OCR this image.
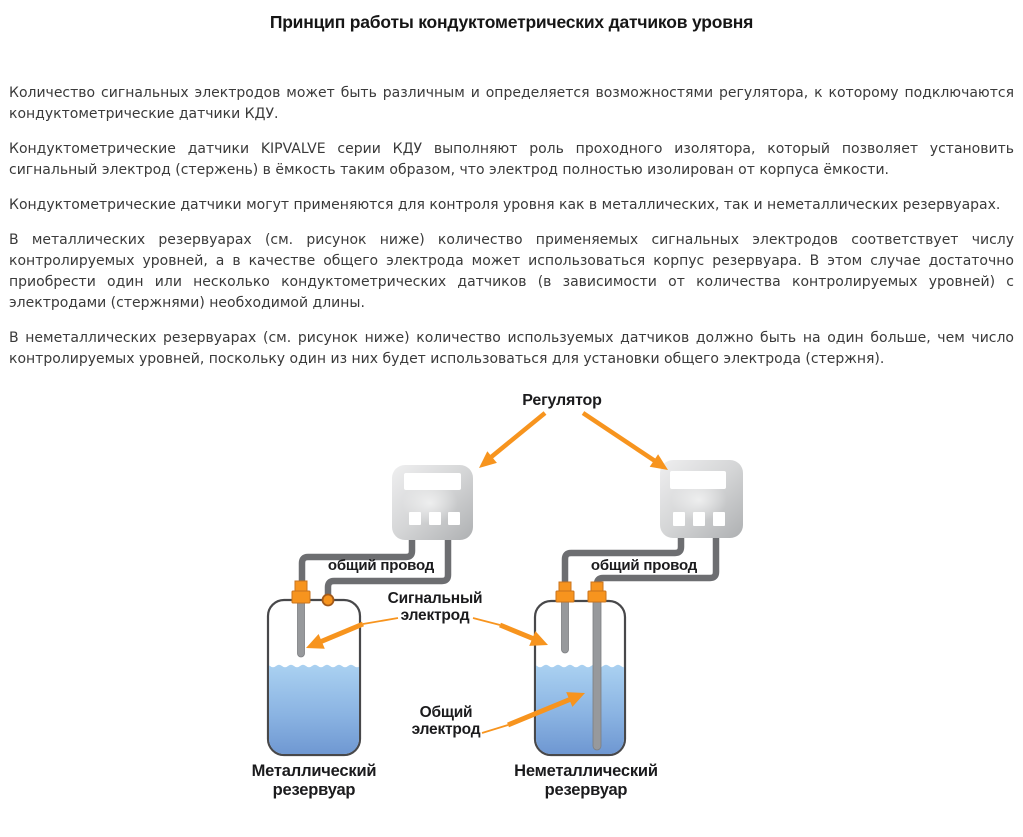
Принцип работы кондуктометрических датчиков уровня

Количество сигнальных электродов может быть различным и определяется возможностями регулятора, к которому подключаются кондуктометрические датчики КДУ.

Кондуктометрические датчики KIPVALVE серии КДУ выполняют роль проходного изолятора, который позволяет установить сигнальный электрод (стержень) в ёмкость таким образом, что электрод полностью изолирован от корпуса ёмкости.

Кондуктометрические датчики могут применяются для контроля уровня как в металлических, так и неметаллических резервуарах.

В металлических резервуарах (см. рисунок ниже) количество применяемых сигнальных электродов соответствует числу контролируемых уровней, а в качестве общего электрода может использоваться корпус резервуара. В этом случае достаточно приобрести один или несколько кондуктометрических датчиков (в зависимости от количества контролируемых уровней) с электродами (стержнями) необходимой длины.

В неметаллических резервуарах (см. рисунок ниже) количество используемых датчиков должно быть на один больше, чем число контролируемых уровней, поскольку один из них будет использоваться для установки общего электрода (стержня).

Регулятор
общий провод	общий провод
Сигнальный
электрод
Общий
электрод
Металлический
резервуар
Неметаллический
резервуар
